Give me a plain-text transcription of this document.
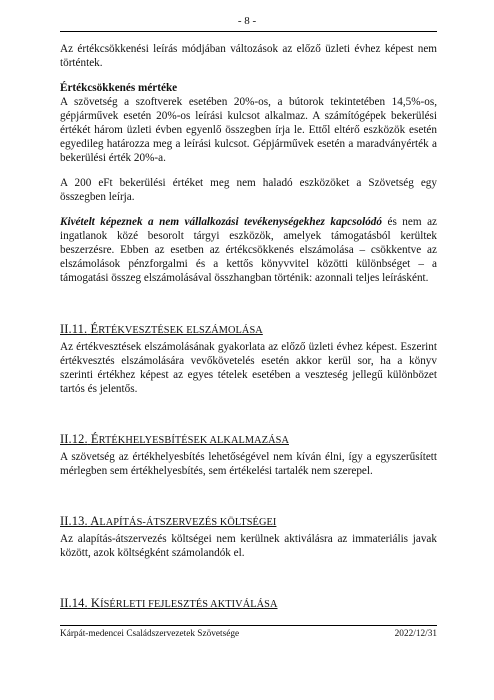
- 8 -

Az értékcsökkenési leírás módjában változások az előző üzleti évhez képest nem történtek.

Értékcsökkenés mértéke

A szövetség a szoftverek esetében 20%-os, a bútorok tekintetében 14,5%-os, gépjárművek esetén 20%-os leírási kulcsot alkalmaz. A számítógépek bekerülési értékét három üzleti évben egyenlő összegben írja le. Ettől eltérő eszközök esetén egyedileg határozza meg a leírási kulcsot. Gépjárművek esetén a maradványérték a bekerülési érték 20%-a.

A 200 eFt bekerülési értéket meg nem haladó eszközöket a Szövetség egy összegben leírja.

Kivételt képeznek a nem vállalkozási tevékenységekhez kapcsolódó és nem az ingatlanok közé besorolt tárgyi eszközök, amelyek támogatásból kerültek beszerzésre. Ebben az esetben az értékcsökkenés elszámolása – csökkentve az elszámolások pénzforgalmi és a kettős könyvvitel közötti különbséget – a támogatási összeg elszámolásával összhangban történik: azonnali teljes leírásként.

II.11. ÉRTÉKVESZTÉSEK ELSZÁMOLÁSA

Az értékvesztések elszámolásának gyakorlata az előző üzleti évhez képest. Eszerint értékvesztés elszámolására vevőkövetelés esetén akkor kerül sor, ha a könyv szerinti értékhez képest az egyes tételek esetében a veszteség jellegű különbözet tartós és jelentős.

II.12. ÉRTÉKHELYESBÍTÉSEK ALKALMAZÁSA

A szövetség az értékhelyesbítés lehetőségével nem kíván élni, így a egyszerűsített mérlegben sem értékhelyesbítés, sem értékelési tartalék nem szerepel.

II.13. ALAPÍTÁS-ÁTSZERVEZÉS KÖLTSÉGEI

Az alapítás-átszervezés költségei nem kerülnek aktiválásra az immateriális javak között, azok költségként számolandók el.

II.14. KÍSÉRLETI FEJLESZTÉS AKTIVÁLÁSA
Kárpát-medencei Családszervezetek Szövetsége	2022/12/31
